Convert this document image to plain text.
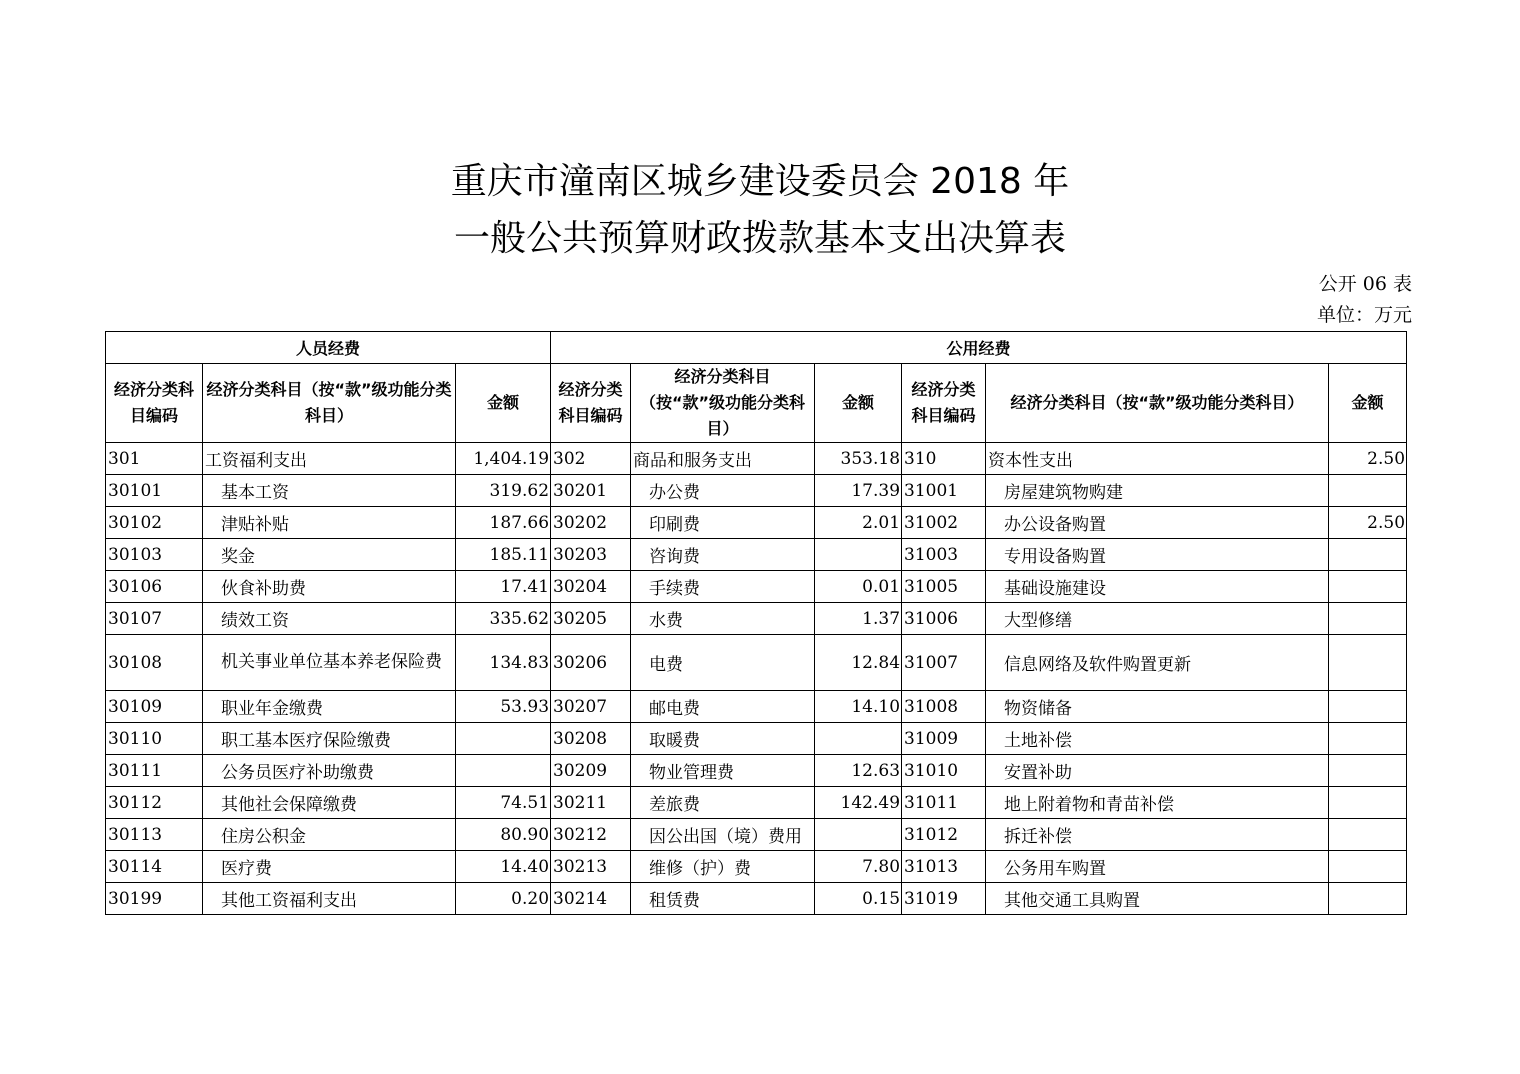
重庆市潼南区城乡建设委员会 2018 年
一般公共预算财政拨款基本支出决算表
公开 06 表
单位：万元
人员经费			公用经费					
经济分类科目编码	经济分类科目（按“款”级功能分类科目）	金额	经济分类科目编码	经济分类科目（按“款”级功能分类科目）	金额	经济分类科目编码	经济分类科目（按“款”级功能分类科目）	金额
301	工资福利支出	1,404.19	302	商品和服务支出	353.18	310	资本性支出	2.50
30101	基本工资	319.62	30201	办公费	17.39	31001	房屋建筑物购建	
30102	津贴补贴	187.66	30202	印刷费	2.01	31002	办公设备购置	2.50
30103	奖金	185.11	30203	咨询费		31003	专用设备购置	
30106	伙食补助费	17.41	30204	手续费	0.01	31005	基础设施建设	
30107	绩效工资	335.62	30205	水费	1.37	31006	大型修缮	
30108	机关事业单位基本养老保险费	134.83	30206	电费	12.84	31007	信息网络及软件购置更新	
30109	职业年金缴费	53.93	30207	邮电费	14.10	31008	物资储备	
30110	职工基本医疗保险缴费		30208	取暖费		31009	土地补偿	
30111	公务员医疗补助缴费		30209	物业管理费	12.63	31010	安置补助	
30112	其他社会保障缴费	74.51	30211	差旅费	142.49	31011	地上附着物和青苗补偿	
30113	住房公积金	80.90	30212	因公出国（境）费用		31012	拆迁补偿	
30114	医疗费	14.40	30213	维修（护）费	7.80	31013	公务用车购置	
30199	其他工资福利支出	0.20	30214	租赁费	0.15	31019	其他交通工具购置	
